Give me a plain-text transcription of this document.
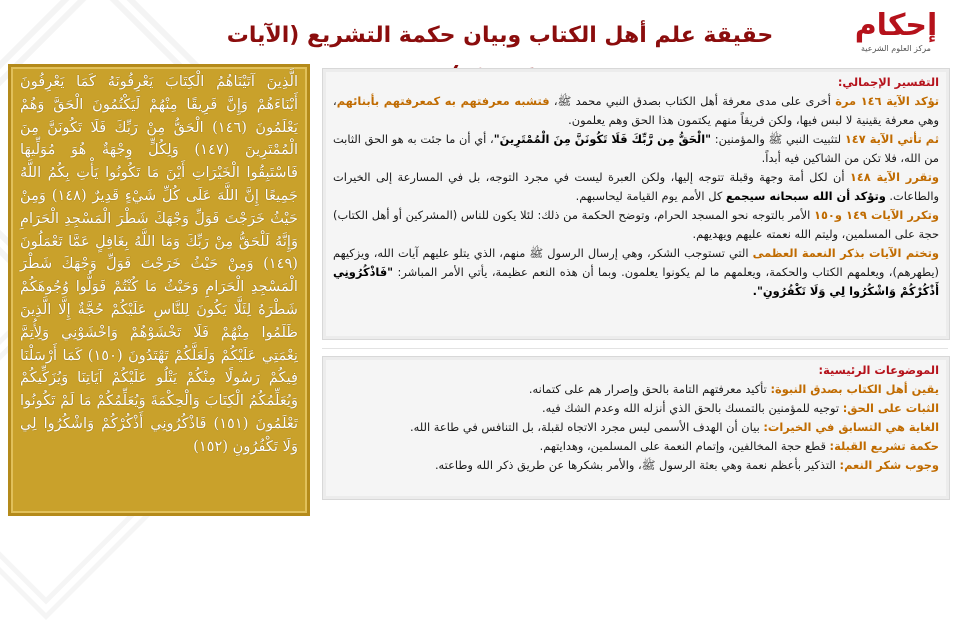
إحكام
مركز العلوم الشرعية
حقيقة علم أهل الكتاب وبيان حكمة التشريع (الآيات
الَّذِينَ آتَيْنَاهُمُ الْكِتَابَ يَعْرِفُونَهُ كَمَا يَعْرِفُونَ أَبْنَاءَهُمْ وَإِنَّ فَرِيقًا مِنْهُمْ لَيَكْتُمُونَ الْحَقَّ وَهُمْ يَعْلَمُونَ (١٤٦) الْحَقُّ مِنْ رَبِّكَ فَلَا تَكُونَنَّ مِنَ الْمُمْتَرِينَ (١٤٧) وَلِكُلٍّ وِجْهَةٌ هُوَ مُوَلِّيهَا فَاسْتَبِقُوا الْخَيْرَاتِ أَيْنَ مَا تَكُونُوا يَأْتِ بِكُمُ اللَّهُ جَمِيعًا إِنَّ اللَّهَ عَلَى كُلِّ شَيْءٍ قَدِيرٌ (١٤٨) وَمِنْ حَيْثُ خَرَجْتَ فَوَلِّ وَجْهَكَ شَطْرَ الْمَسْجِدِ الْحَرَامِ وَإِنَّهُ لَلْحَقُّ مِنْ رَبِّكَ وَمَا اللَّهُ بِغَافِلٍ عَمَّا تَعْمَلُونَ (١٤٩) وَمِنْ حَيْثُ خَرَجْتَ فَوَلِّ وَجْهَكَ شَطْرَ الْمَسْجِدِ الْحَرَامِ وَحَيْثُ مَا كُنْتُمْ فَوَلُّوا وُجُوهَكُمْ شَطْرَهُ لِئَلَّا يَكُونَ لِلنَّاسِ عَلَيْكُمْ حُجَّةٌ إِلَّا الَّذِينَ ظَلَمُوا مِنْهُمْ فَلَا تَخْشَوْهُمْ وَاخْشَوْنِي وَلِأُتِمَّ نِعْمَتِي عَلَيْكُمْ وَلَعَلَّكُمْ تَهْتَدُونَ (١٥٠) كَمَا أَرْسَلْنَا فِيكُمْ رَسُولًا مِنْكُمْ يَتْلُو عَلَيْكُمْ آيَاتِنَا وَيُزَكِّيكُمْ وَيُعَلِّمُكُمُ الْكِتَابَ وَالْحِكْمَةَ وَيُعَلِّمُكُمْ مَا لَمْ تَكُونُوا تَعْلَمُونَ (١٥١) فَاذْكُرُونِي أَذْكُرْكُمْ وَاشْكُرُوا لِي وَلَا تَكْفُرُونِ (١٥٢)
التفسير الإجمالي:
تؤكد الآية ١٤٦ مرة أخرى على مدى معرفة أهل الكتاب بصدق النبي محمد ﷺ، فتشبه معرفتهم به كمعرفتهم بأبنائهم، وهي معرفة يقينية لا لبس فيها، ولكن فريقاً منهم يكتمون هذا الحق وهم يعلمون.
ثم تأتي الآية ١٤٧ لتثبيت النبي ﷺ والمؤمنين: "الْحَقُّ مِن رَّبِّكَ فَلَا تَكُونَنَّ مِنَ الْمُمْتَرِينَ"، أي أن ما جئت به هو الحق الثابت من الله، فلا تكن من الشاكين فيه أبداً.
وتقرر الآية ١٤٨ أن لكل أمة وجهة وقبلة تتوجه إليها، ولكن العبرة ليست في مجرد التوجه، بل في المسارعة إلى الخيرات والطاعات. وتؤكد أن الله سبحانه سيجمع كل الأمم يوم القيامة ليحاسبهم.
وتكرر الآيات ١٤٩ و١٥٠ الأمر بالتوجه نحو المسجد الحرام، وتوضح الحكمة من ذلك: لئلا يكون للناس (المشركين أو أهل الكتاب) حجة على المسلمين، وليتم الله نعمته عليهم ويهديهم.
وتختم الآيات بذكر النعمة العظمى التي تستوجب الشكر، وهي إرسال الرسول ﷺ منهم، الذي يتلو عليهم آيات الله، ويزكيهم (يطهرهم)، ويعلمهم الكتاب والحكمة، ويعلمهم ما لم يكونوا يعلمون. وبما أن هذه النعم عظيمة، يأتي الأمر المباشر: "فَاذْكُرُونِي أَذْكُرْكُمْ وَاشْكُرُوا لِي وَلَا تَكْفُرُونِ".
الموضوعات الرئيسية:
يقين أهل الكتاب بصدق النبوة: تأكيد معرفتهم التامة بالحق وإصرار هم على كتمانه.
الثبات على الحق: توجيه للمؤمنين بالتمسك بالحق الذي أنزله الله وعدم الشك فيه.
الغاية هي التسابق في الخيرات: بيان أن الهدف الأسمى ليس مجرد الاتجاه لقبلة، بل التنافس في طاعة الله.
حكمة تشريع القبلة: قطع حجة المخالفين، وإتمام النعمة على المسلمين، وهدايتهم.
وجوب شكر النعم: التذكير بأعظم نعمة وهي بعثة الرسول ﷺ، والأمر بشكرها عن طريق ذكر الله وطاعته.
